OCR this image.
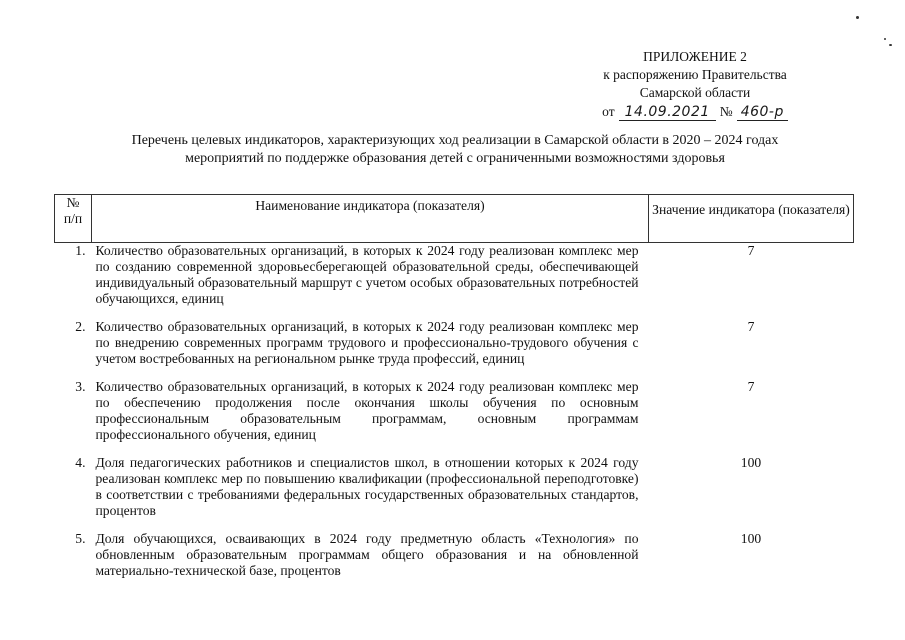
ПРИЛОЖЕНИЕ 2
к распоряжению Правительства
Самарской области
от 14.09.2021 № 460-р
Перечень целевых индикаторов, характеризующих ход реализации в Самарской области в 2020 – 2024 годах
мероприятий по поддержке образования детей с ограниченными возможностями здоровья
№
п/п	Наименование индикатора (показателя)	Значение индикатора (показателя)
1.	Количество образовательных организаций, в которых к 2024 году реализован комплекс мер по созданию современной здоровьесберегающей образовательной среды, обеспечивающей индивидуальный образовательный маршрут с учетом особых образовательных потребностей обучающихся, единиц	7
2.	Количество образовательных организаций, в которых к 2024 году реализован комплекс мер по внедрению современных программ трудового и профессионально-трудового обучения с учетом востребованных на региональном рынке труда профессий, единиц	7
3.	Количество образовательных организаций, в которых к 2024 году реализован комплекс мер по обеспечению продолжения после окончания школы обучения по основным профессиональным образовательным программам, основным программам профессионального обучения, единиц	7
4.	Доля педагогических работников и специалистов школ, в отношении которых к 2024 году реализован комплекс мер по повышению квалификации (профессиональной переподготовке) в соответствии с требованиями федеральных государственных образовательных стандартов, процентов	100
5.	Доля обучающихся, осваивающих в 2024 году предметную область «Технология» по обновленным образовательным программам общего образования и на обновленной материально-технической базе, процентов	100
